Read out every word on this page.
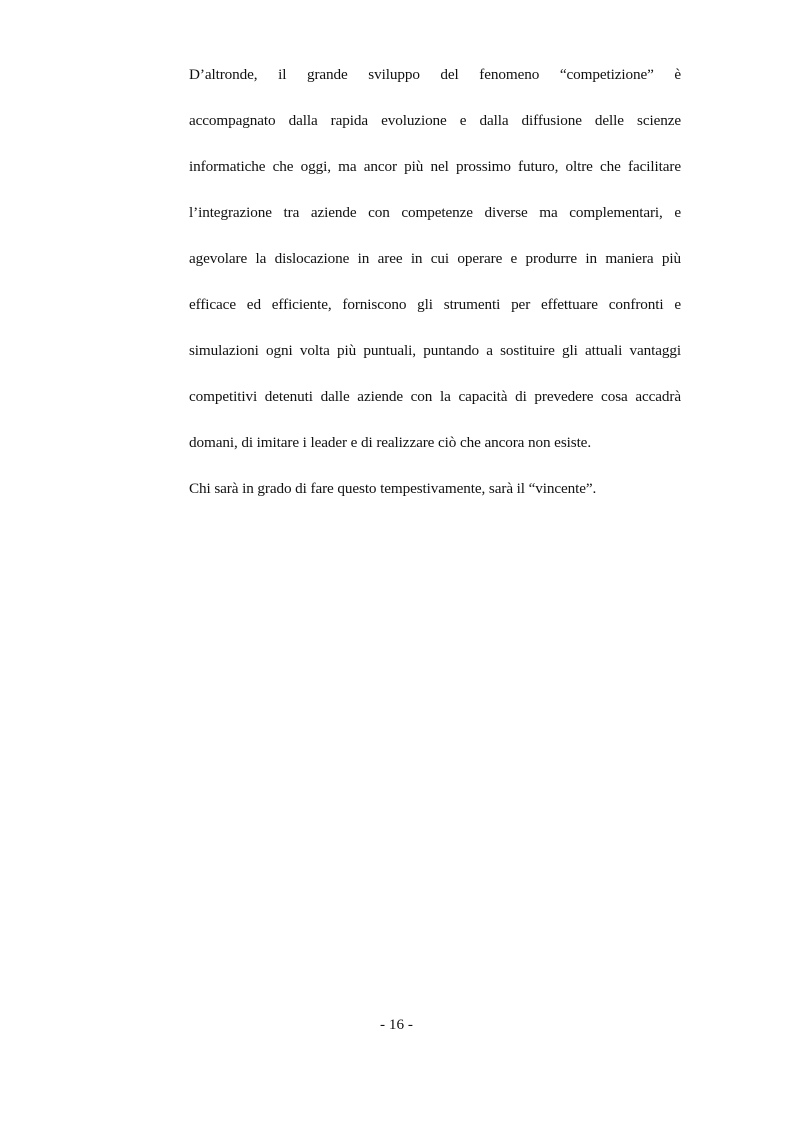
D’altronde, il grande sviluppo del fenomeno “competizione” è
accompagnato dalla rapida evoluzione e dalla diffusione delle scienze
informatiche che oggi, ma ancor più nel prossimo futuro, oltre che facilitare
l’integrazione tra aziende con competenze diverse ma complementari, e
agevolare la dislocazione in aree in cui operare e produrre in maniera più
efficace ed efficiente, forniscono gli strumenti per effettuare confronti e
simulazioni ogni volta più puntuali, puntando a sostituire gli attuali vantaggi
competitivi detenuti dalle aziende con la capacità di prevedere cosa accadrà
domani, di imitare i leader e di realizzare ciò che ancora non esiste.
Chi sarà in grado di fare questo tempestivamente, sarà il “vincente”.
- 16 -
